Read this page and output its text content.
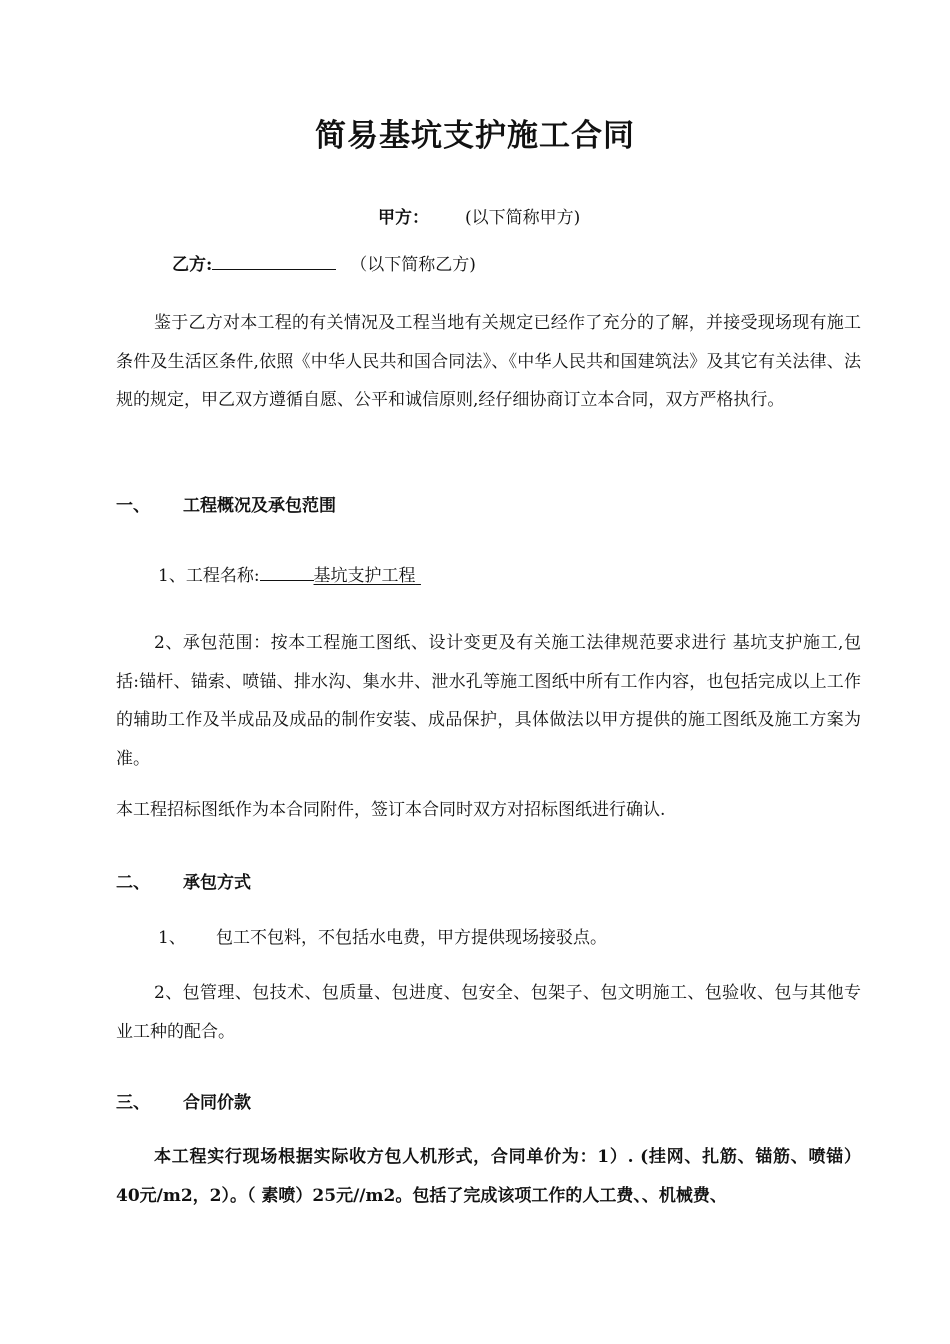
简易基坑支护施工合同
甲方： (以下简称甲方)
乙方:	（以下简称乙方)
鉴于乙方对本工程的有关情况及工程当地有关规定已经作了充分的了解，并接受现场现有施工条件及生活区条件,依照《中华人民共和国合同法》、《中华人民共和国建筑法》及其它有关法律、法规的规定，甲乙双方遵循自愿、公平和诚信原则,经仔细协商订立本合同，双方严格执行。
一、 工程概况及承包范围
1、工程名称:	基坑支护工程
2、承包范围：按本工程施工图纸、设计变更及有关施工法律规范要求进行 基坑支护施工,包括:锚杆、锚索、喷锚、排水沟、集水井、泄水孔等施工图纸中所有工作内容，也包括完成以上工作的辅助工作及半成品及成品的制作安装、成品保护，具体做法以甲方提供的施工图纸及施工方案为准。
本工程招标图纸作为本合同附件，签订本合同时双方对招标图纸进行确认.
二、 承包方式
1、 包工不包料，不包括水电费，甲方提供现场接驳点。
2、包管理、包技术、包质量、包进度、包安全、包架子、包文明施工、包验收、包与其他专业工种的配合。
三、 合同价款
本工程实行现场根据实际收方包人机形式，合同单价为：1）. (挂网、扎筋、锚筋、喷锚） 40元/m2，2）。（ 素喷）25元//m2。包括了完成该项工作的人工费、、机械费、
